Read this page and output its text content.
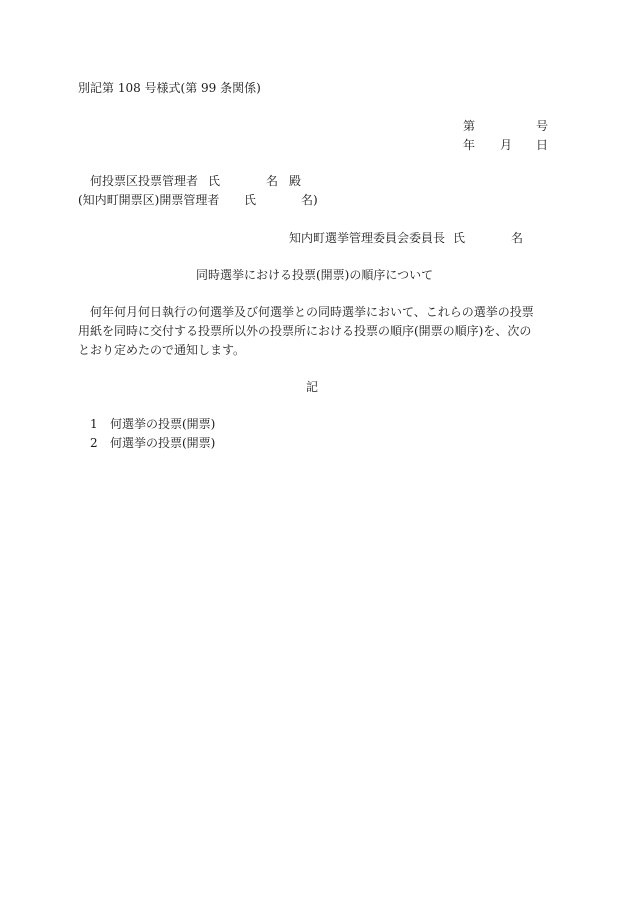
別記第 108 号様式(第 99 条関係)
第	号
年 月 日
何投票区投票管理者 氏	名 殿
(知内町開票区)開票管理者 氏	名)
知内町選挙管理委員会委員長 氏	名
同時選挙における投票(開票)の順序について
何年何月何日執行の何選挙及び何選挙との同時選挙において、これらの選挙の投票用紙を同時に交付する投票所以外の投票所における投票の順序(開票の順序)を、次のとおり定めたので通知します。
記
1 何選挙の投票(開票)
2 何選挙の投票(開票)
